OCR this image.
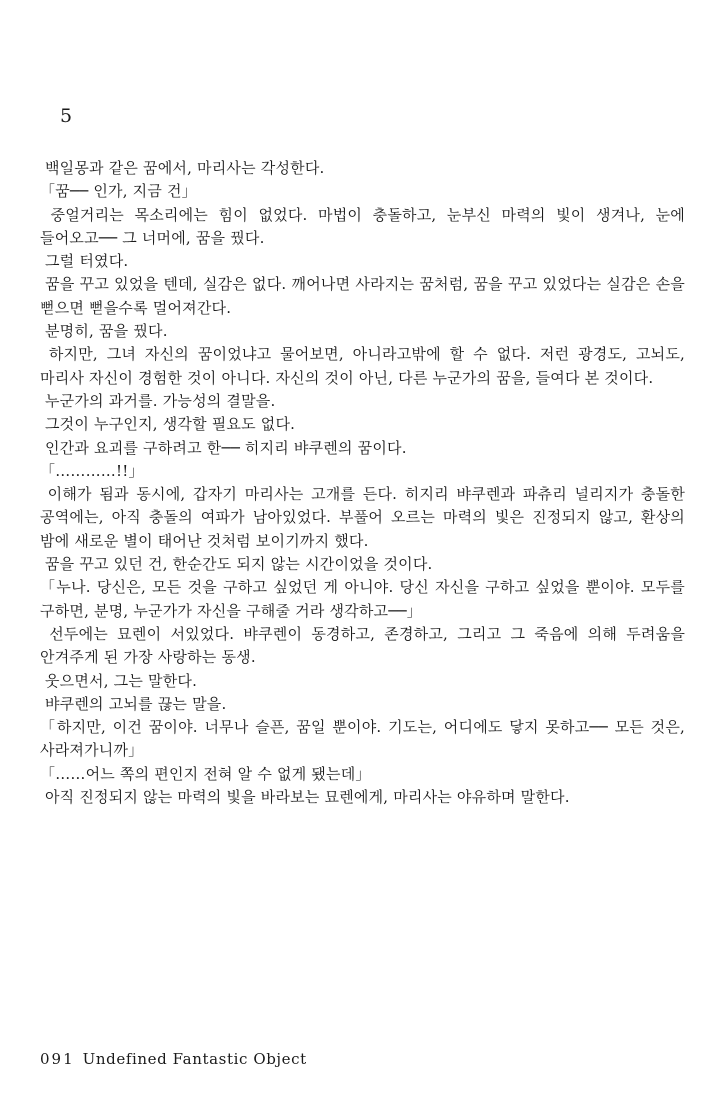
5

백일몽과 같은 꿈에서, 마리사는 각성한다.

「꿈── 인가, 지금 건」

중얼거리는 목소리에는 힘이 없었다. 마법이 충돌하고, 눈부신 마력의 빛이 생겨나, 눈에 들어오고── 그 너머에, 꿈을 꿨다.

그럴 터였다.

꿈을 꾸고 있었을 텐데, 실감은 없다. 깨어나면 사라지는 꿈처럼, 꿈을 꾸고 있었다는 실감은 손을 뻗으면 뻗을수록 멀어져간다.

분명히, 꿈을 꿨다.

하지만, 그녀 자신의 꿈이었냐고 물어보면, 아니라고밖에 할 수 없다. 저런 광경도, 고뇌도, 마리사 자신이 경험한 것이 아니다. 자신의 것이 아닌, 다른 누군가의 꿈을, 들여다 본 것이다.

누군가의 과거를. 가능성의 결말을.

그것이 누구인지, 생각할 필요도 없다.

인간과 요괴를 구하려고 한── 히지리 뱌쿠렌의 꿈이다.

「…………!!」

이해가 됨과 동시에, 갑자기 마리사는 고개를 든다. 히지리 뱌쿠렌과 파츄리 널리지가 충돌한 공역에는, 아직 충돌의 여파가 남아있었다. 부풀어 오르는 마력의 빛은 진정되지 않고, 환상의 밤에 새로운 별이 태어난 것처럼 보이기까지 했다.

꿈을 꾸고 있던 건, 한순간도 되지 않는 시간이었을 것이다.

「누나. 당신은, 모든 것을 구하고 싶었던 게 아니야. 당신 자신을 구하고 싶었을 뿐이야. 모두를 구하면, 분명, 누군가가 자신을 구해줄 거라 생각하고──」

선두에는 묘렌이 서있었다. 뱌쿠렌이 동경하고, 존경하고, 그리고 그 죽음에 의해 두려움을 안겨주게 된 가장 사랑하는 동생.

웃으면서, 그는 말한다.

뱌쿠렌의 고뇌를 끊는 말을.

「하지만, 이건 꿈이야. 너무나 슬픈, 꿈일 뿐이야. 기도는, 어디에도 닿지 못하고── 모든 것은, 사라져가니까」

「……어느 쪽의 편인지 전혀 알 수 없게 됐는데」

아직 진정되지 않는 마력의 빛을 바라보는 묘렌에게, 마리사는 야유하며 말한다.

091 Undefined Fantastic Object
